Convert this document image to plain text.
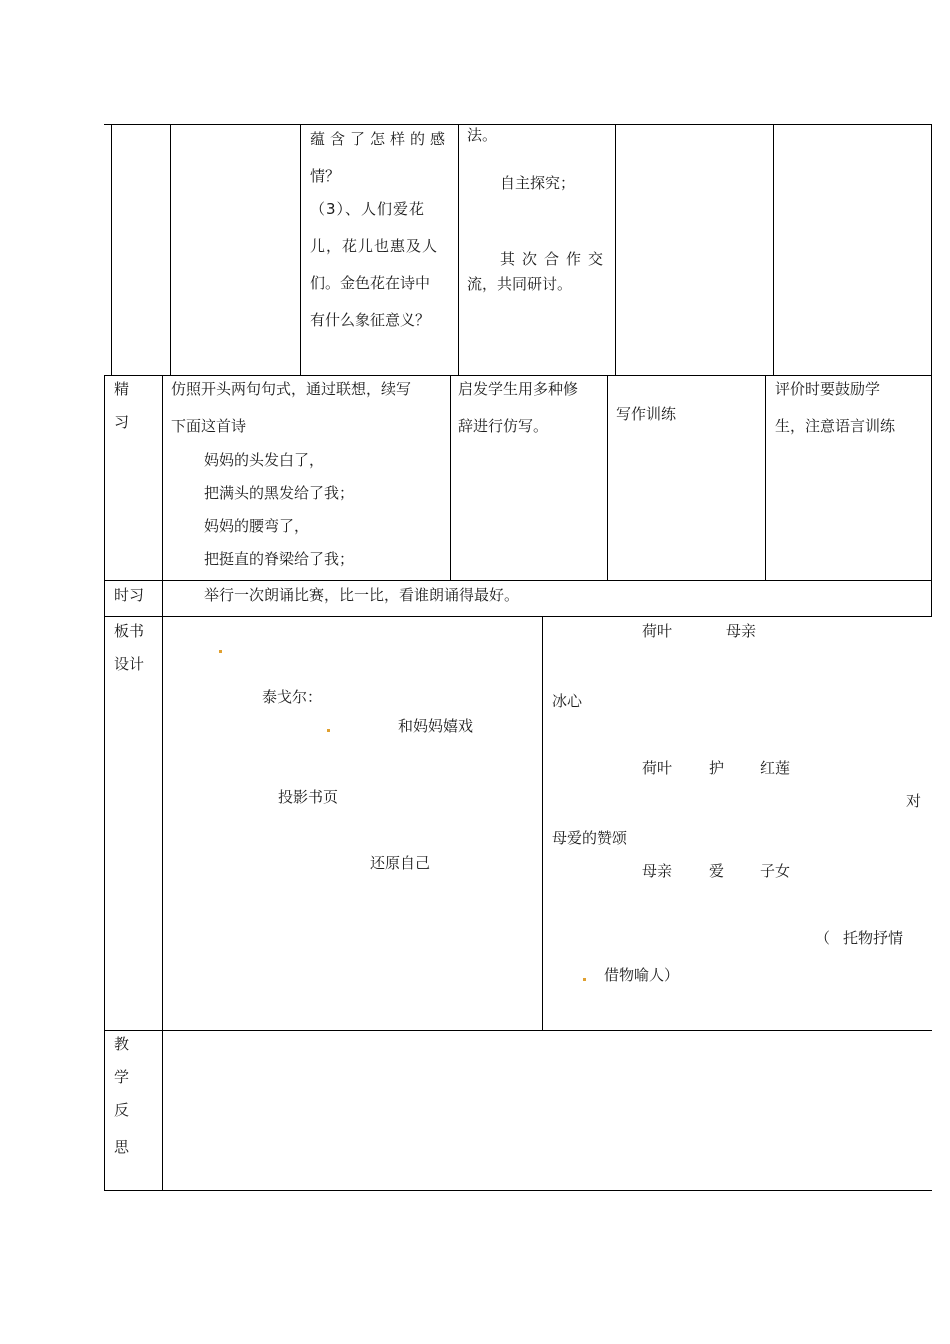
蕴含了怎样的感
情？
（3）、人们爱花
儿，花儿也惠及人
们。金色花在诗中
有什么象征意义？
法。
自主探究；
其次合作交
流，共同研讨。
精
习
仿照开头两句句式，通过联想，续写
下面这首诗
妈妈的头发白了，
把满头的黑发给了我；
妈妈的腰弯了，
把挺直的脊梁给了我；
启发学生用多种修
辞进行仿写。
写作训练
评价时要鼓励学
生，注意语言训练
时习	举行一次朗诵比赛，比一比，看谁朗诵得最好。
板书
设计
泰戈尔：
和妈妈嬉戏
投影书页
还原自己
荷叶	母亲
冰心
荷叶 护 红莲
对
母爱的赞颂
母亲 爱 子女
（ 托物抒情
借物喻人）
教
学
反
思
